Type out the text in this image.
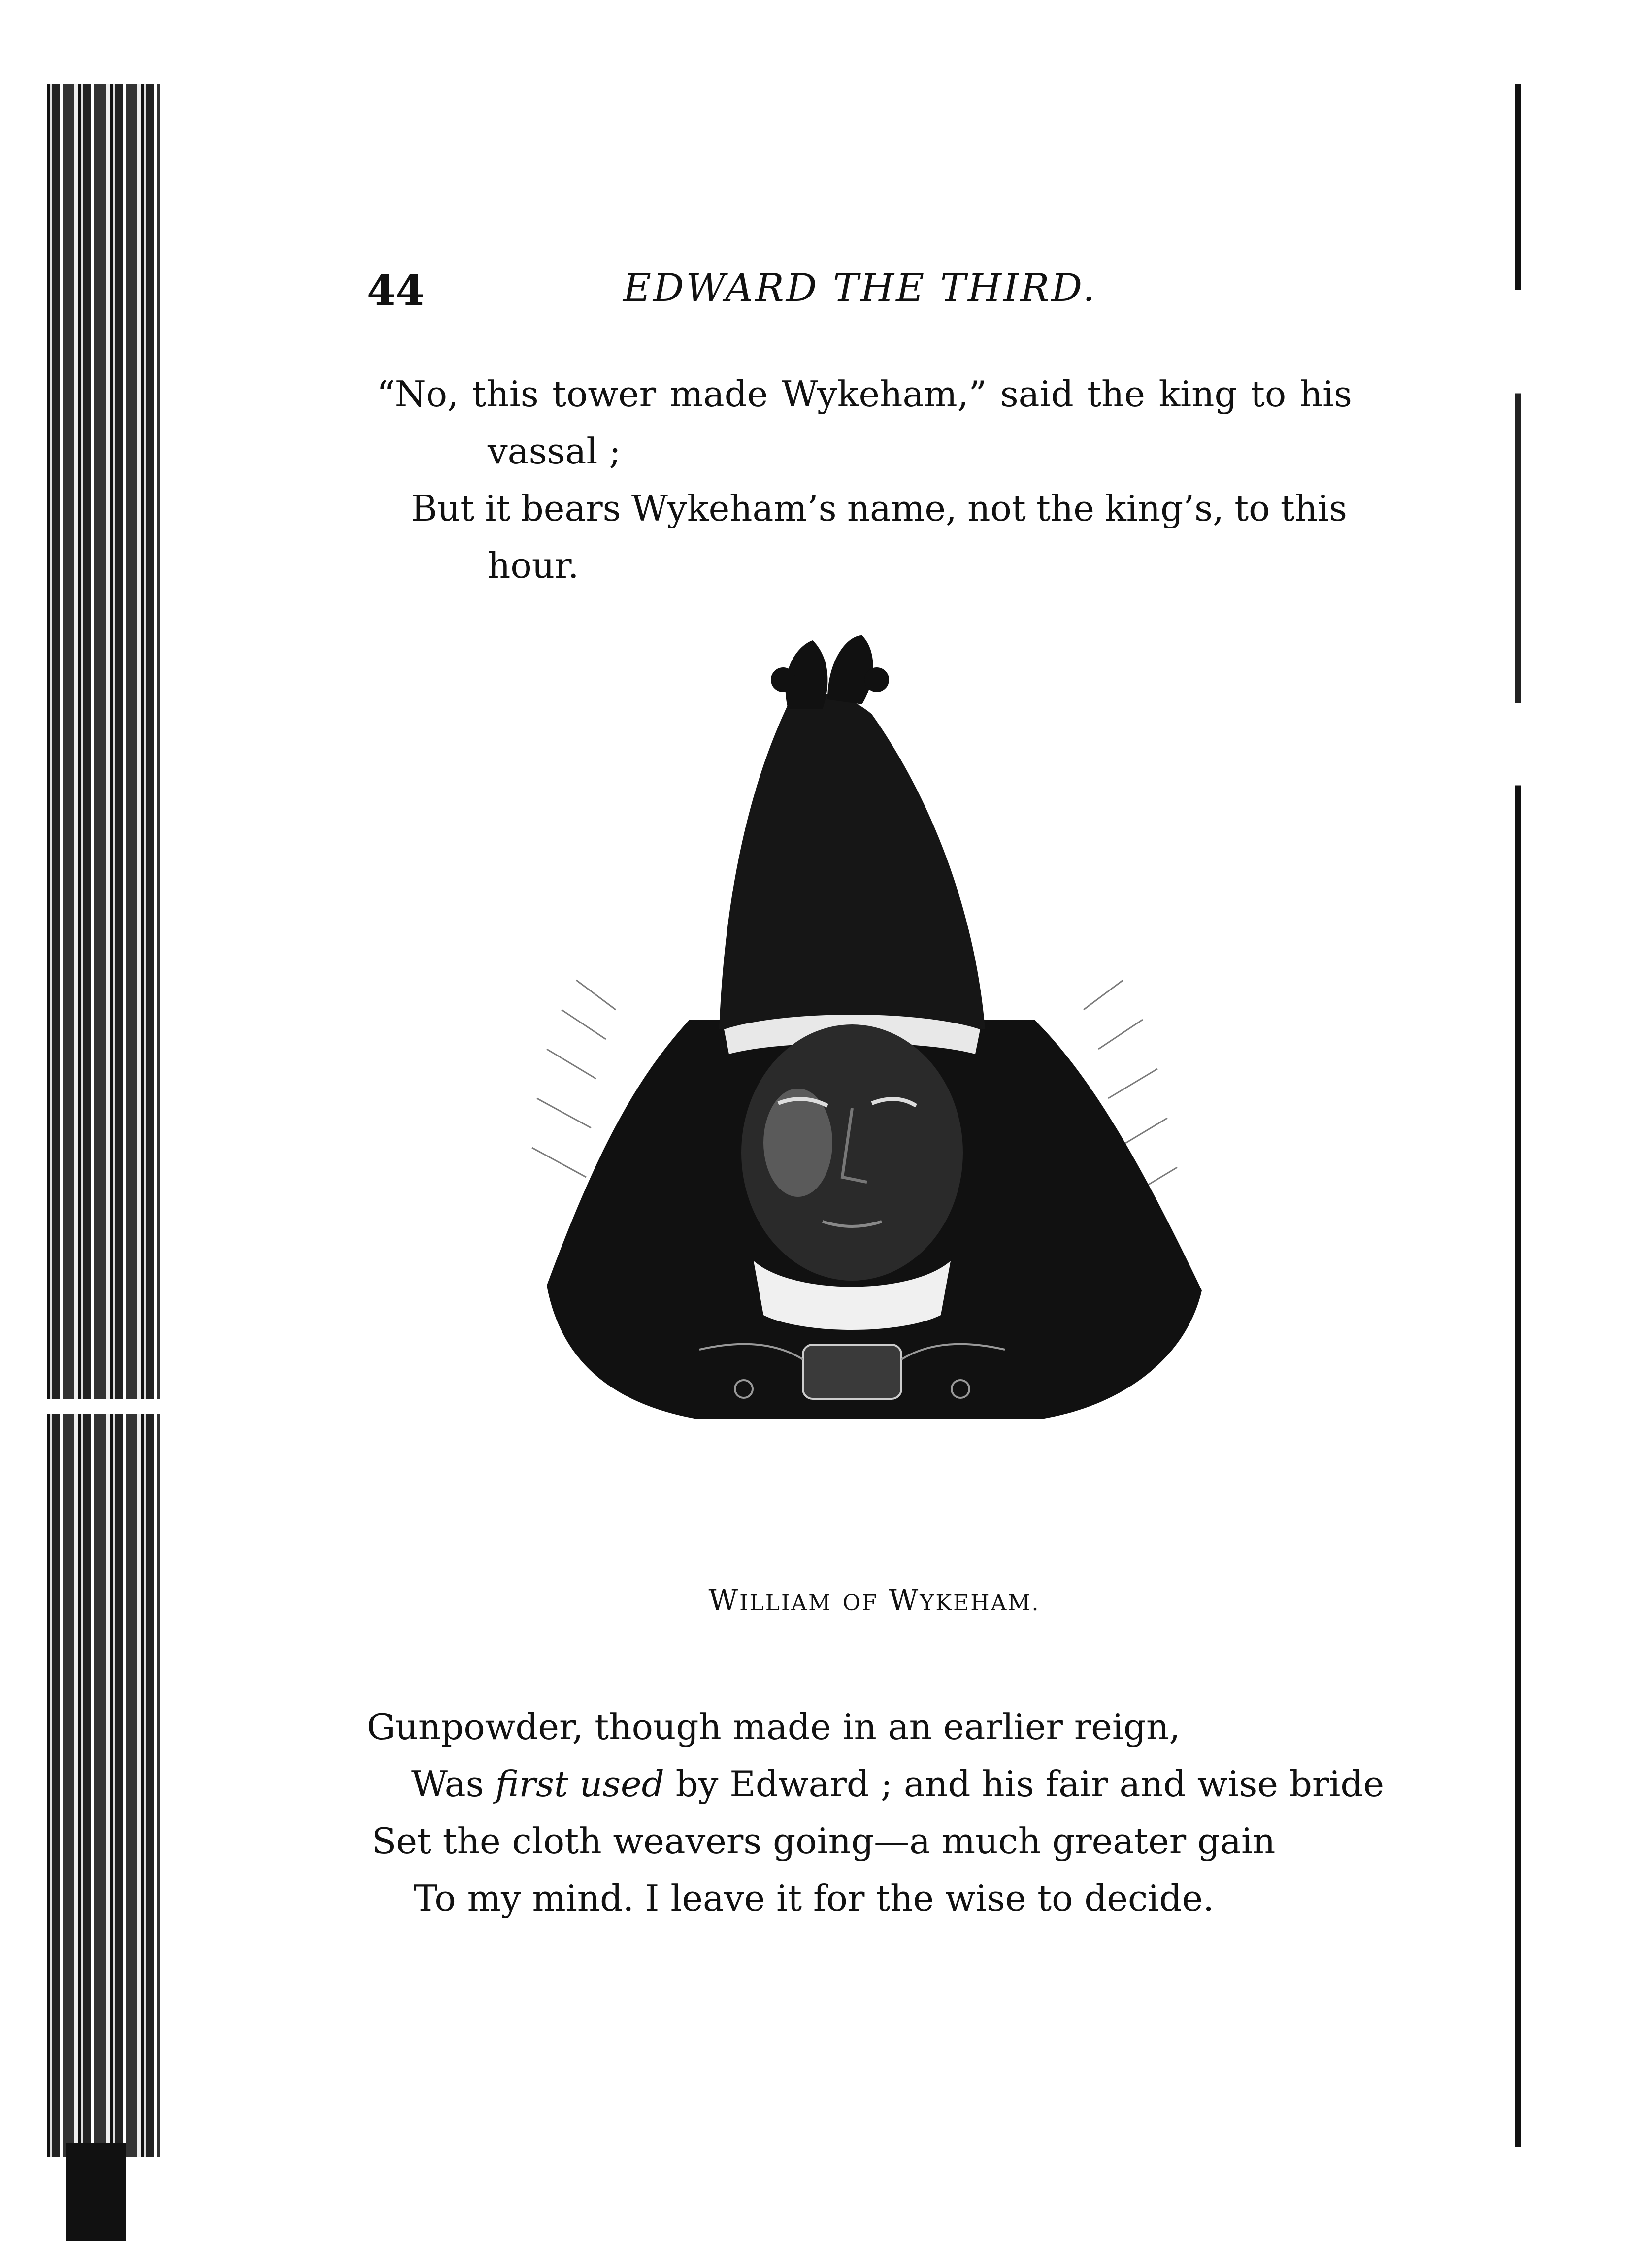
44	EDWARD THE THIRD.
“No, this tower made Wykeham,” said the king to his
vassal ;
But it bears Wykeham’s name, not the king’s, to this
hour.
WILLIAM OF WYKEHAM.
Gunpowder, though made in an earlier reign,
Was first used by Edward ; and his fair and wise bride
Set the cloth weavers going—a much greater gain
To my mind. I leave it for the wise to decide.
